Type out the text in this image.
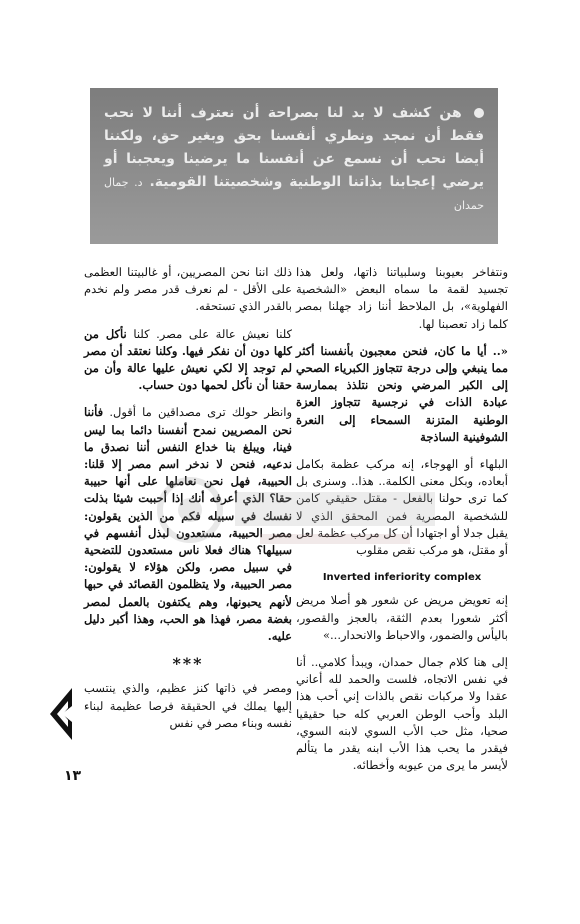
هن كشف لا بد لنا بصراحة أن نعترف أننا لا نحب فقط أن نمجد ونطري أنفسنا بحق وبغير حق، ولكننا أيضا نحب أن نسمع عن أنفسنا ما يرضينا ويعجبنا أو يرضي إعجابنا بذاتنا الوطنية وشخصيتنا القومية. د. جمال حمدان

ونتفاخر بعيوبنا وسلبياتنا ذاتها، ولعل هذا تجسيد لقمة ما سماه البعض «الشخصية الفهلوية»، بل الملاحظ أننا زاد جهلنا بمصر كلما زاد تعصبنا لها.

«.. أيا ما كان، فنحن معجبون بأنفسنا أكثر مما ينبغي وإلى درجة تتجاوز الكبرياء الصحي إلى الكبر المرضي ونحن نتلذذ بممارسة عبادة الذات في نرجسية تتجاوز العزة الوطنية المتزنة السمحاء إلى النعرة الشوفينية الساذجة

البلهاء أو الهوجاء، إنه مركب عظمة بكامل أبعاده، وبكل معنى الكلمة.. هذا.. وسنرى بل كما ترى حولنا بالفعل - مقتل حقيقي كامن للشخصية المصرية فمن المحقق الذي لا يقبل جدلا أو اجتهادا أن كل مركب عظمة لعل أو مقتل، هو مركب نقص مقلوب

Inverted inferiority complex

إنه تعويض مريض عن شعور هو أصلا مريض أكثر شعورا بعدم الثقة، بالعجز والقصور، باليأس والضمور، والاحباط والانحدار...»

إلى هنا كلام جمال حمدان، ويبدأ كلامي.. أنا في نفس الاتجاه، فلست والحمد لله أعاني عقدا ولا مركبات نقص بالذات إني أحب هذا البلد وأحب الوطن العربي كله حبا حقيقيا صحيا، مثل حب الأب السوي لابنه السوي، فيقدر ما يحب هذا الأب ابنه يقدر ما يتألم لأيسر ما يرى من عيوبه وأخطائه.

ذلك اننا نحن المصريين، أو غالبيتنا العظمى على الأقل - لم نعرف قدر مصر ولم نخدم بالقدر الذي تستحقه.

كلنا نعيش عالة على مصر. كلنا نأكل من كلها دون أن نفكر فيها. وكلنا نعتقد أن مصر لم توجد إلا لكي نعيش عليها عالة وأن من حقنا أن نأكل لحمها دون حساب.

وانظر حولك ترى مصداقين ما أقول. فأننا نحن المصريين نمدح أنفسنا دائما بما ليس فينا، ويبلغ بنا خداع النفس أننا نصدق ما ندعيه، فنحن لا ندخر اسم مصر إلا قلنا: الحبيبة، فهل نحن نعاملها على أنها حبيبة حقا؟ الذي أعرفه أنك إذا أحببت شيئا بذلت نفسك في سبيله فكم من الذين يقولون: مصر الحبيبة، مستعدون لبذل أنفسهم في سبيلها؟ هناك فعلا ناس مستعدون للتضحية في سبيل مصر، ولكن هؤلاء لا يقولون: مصر الحبيبة، ولا يتظلمون القصائد في حبها لأنهم يحبونها، وهم يكتفون بالعمل لمصر بغضة مصر، فهذا هو الحب، وهذا أكبر دليل عليه.

***

ومصر في ذاتها كنز عظيم، والذي ينتسب إليها يملك في الحقيقة فرصا عظيمة لبناء نفسه وبناء مصر في نفس

١٣
